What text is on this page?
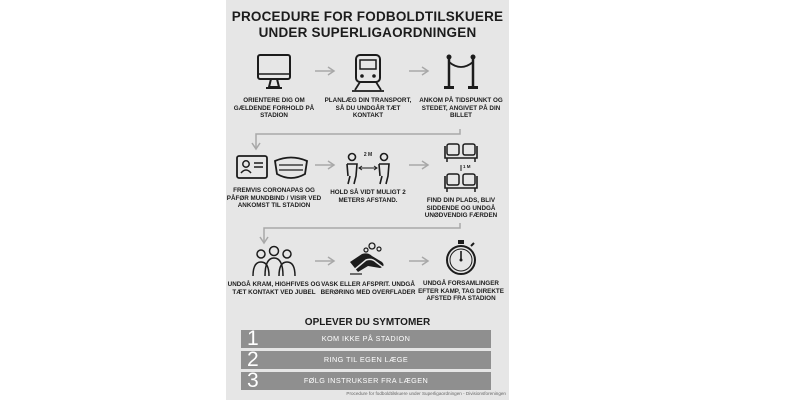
PROCEDURE FOR FODBOLDTILSKUERE
UNDER SUPERLIGAORDNINGEN
ORIENTERE DIG OM GÆLDENDE FORHOLD PÅ STADION
PLANLÆG DIN TRANSPORT, SÅ DU UNDGÅR TÆT KONTAKT
ANKOM PÅ TIDSPUNKT OG STEDET, ANGIVET PÅ DIN BILLET
FREMVIS CORONAPAS OG PÅFØR MUNDBIND / VISIR VED ANKOMST TIL STADION
2 M
HOLD SÅ VIDT MULIGT 2 METERS AFSTAND.
1 M
FIND DIN PLADS, BLIV SIDDENDE OG UNDGÅ UNØDVENDIG FÆRDEN
UNDGÅ KRAM, HIGHFIVES OG TÆT KONTAKT VED JUBEL
VASK ELLER AFSPRIT. UNDGÅ BERØRING MED OVERFLADER
UNDGÅ FORSAMLINGER EFTER KAMP, TAG DIREKTE AFSTED FRA STADION
OPLEVER DU SYMTOMER
1	KOM IKKE PÅ STADION
2	RING TIL EGEN LÆGE
3	FØLG INSTRUKSER FRA LÆGEN
Procedure for fodboldtilskuere under Superligaordningen - Divisionsforeningen
